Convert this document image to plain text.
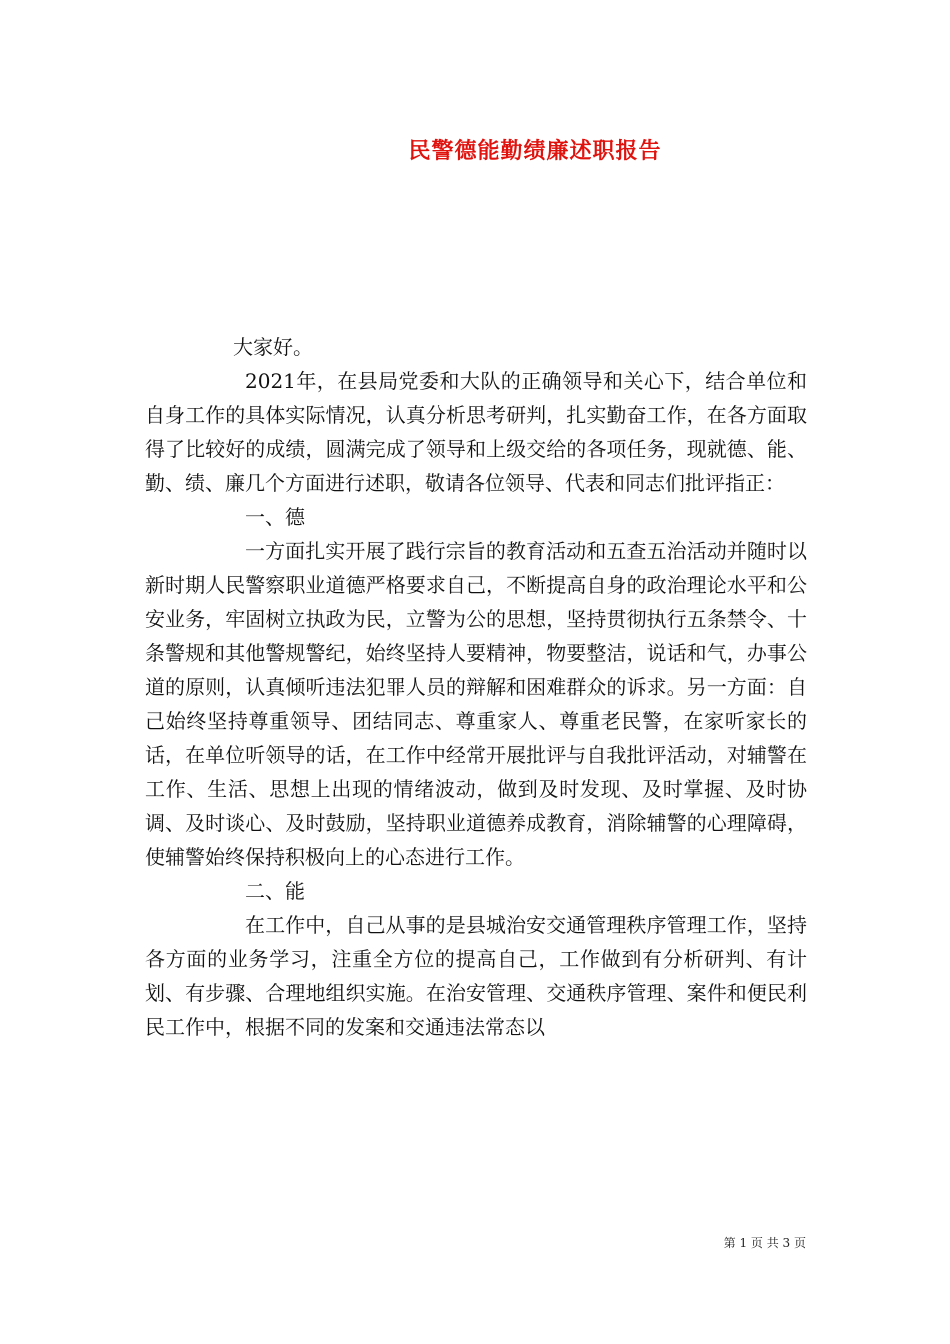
民警德能勤绩廉述职报告

大家好。

2021年，在县局党委和大队的正确领导和关心下，结合单位和自身工作的具体实际情况，认真分析思考研判，扎实勤奋工作，在各方面取得了比较好的成绩，圆满完成了领导和上级交给的各项任务，现就德、能、勤、绩、廉几个方面进行述职，敬请各位领导、代表和同志们批评指正：

一、德

一方面扎实开展了践行宗旨的教育活动和五查五治活动并随时以新时期人民警察职业道德严格要求自己，不断提高自身的政治理论水平和公安业务，牢固树立执政为民，立警为公的思想，坚持贯彻执行五条禁令、十条警规和其他警规警纪，始终坚持人要精神，物要整洁，说话和气，办事公道的原则，认真倾听违法犯罪人员的辩解和困难群众的诉求。另一方面：自己始终坚持尊重领导、团结同志、尊重家人、尊重老民警，在家听家长的话，在单位听领导的话，在工作中经常开展批评与自我批评活动，对辅警在工作、生活、思想上出现的情绪波动，做到及时发现、及时掌握、及时协调、及时谈心、及时鼓励，坚持职业道德养成教育，消除辅警的心理障碍，使辅警始终保持积极向上的心态进行工作。

二、能

在工作中，自己从事的是县城治安交通管理秩序管理工作，坚持各方面的业务学习，注重全方位的提高自己，工作做到有分析研判、有计划、有步骤、合理地组织实施。在治安管理、交通秩序管理、案件和便民利民工作中，根据不同的发案和交通违法常态以

第 1 页 共 3 页
